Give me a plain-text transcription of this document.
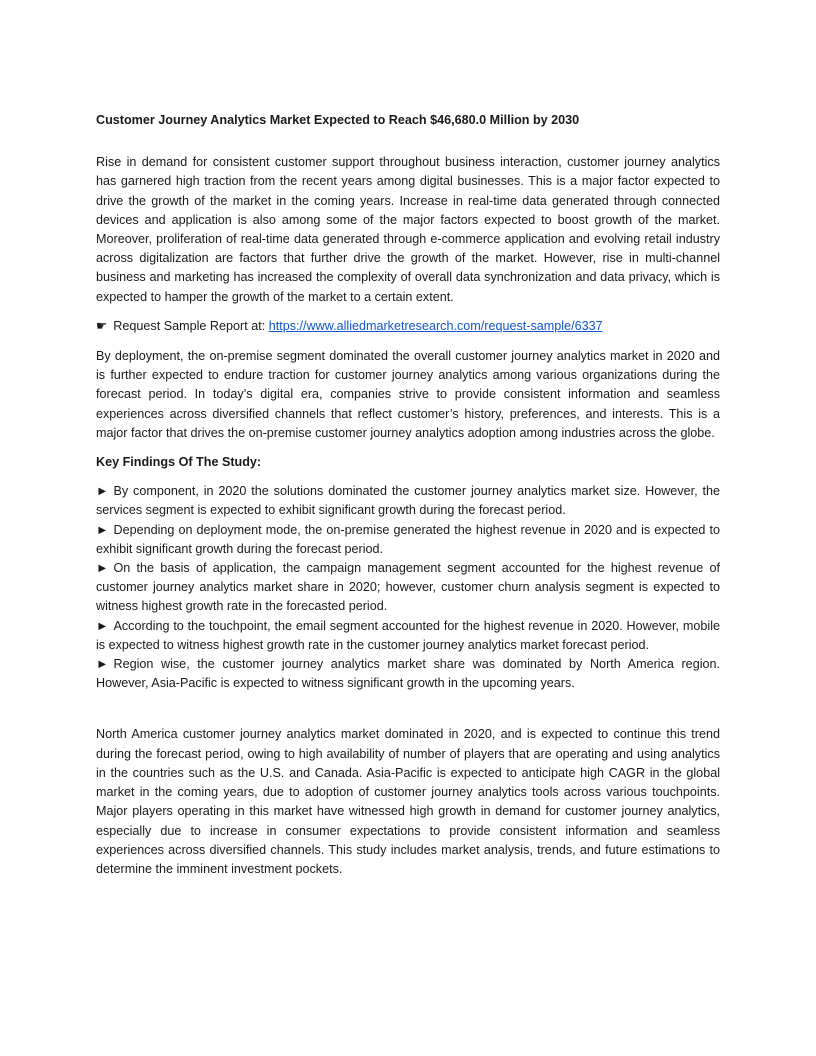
Customer Journey Analytics Market Expected to Reach $46,680.0 Million by 2030

Rise in demand for consistent customer support throughout business interaction, customer journey analytics has garnered high traction from the recent years among digital businesses. This is a major factor expected to drive the growth of the market in the coming years. Increase in real-time data generated through connected devices and application is also among some of the major factors expected to boost growth of the market. Moreover, proliferation of real-time data generated through e-commerce application and evolving retail industry across digitalization are factors that further drive the growth of the market. However, rise in multi-channel business and marketing has increased the complexity of overall data synchronization and data privacy, which is expected to hamper the growth of the market to a certain extent.

☛ Request Sample Report at: https://www.alliedmarketresearch.com/request-sample/6337

By deployment, the on-premise segment dominated the overall customer journey analytics market in 2020 and is further expected to endure traction for customer journey analytics among various organizations during the forecast period. In today’s digital era, companies strive to provide consistent information and seamless experiences across diversified channels that reflect customer’s history, preferences, and interests. This is a major factor that drives the on-premise customer journey analytics adoption among industries across the globe.

Key Findings Of The Study:

► By component, in 2020 the solutions dominated the customer journey analytics market size. However, the services segment is expected to exhibit significant growth during the forecast period.
► Depending on deployment mode, the on-premise generated the highest revenue in 2020 and is expected to exhibit significant growth during the forecast period.
► On the basis of application, the campaign management segment accounted for the highest revenue of customer journey analytics market share in 2020; however, customer churn analysis segment is expected to witness highest growth rate in the forecasted period.
► According to the touchpoint, the email segment accounted for the highest revenue in 2020. However, mobile is expected to witness highest growth rate in the customer journey analytics market forecast period.
► Region wise, the customer journey analytics market share was dominated by North America region. However, Asia-Pacific is expected to witness significant growth in the upcoming years.

North America customer journey analytics market dominated in 2020, and is expected to continue this trend during the forecast period, owing to high availability of number of players that are operating and using analytics in the countries such as the U.S. and Canada. Asia-Pacific is expected to anticipate high CAGR in the global market in the coming years, due to adoption of customer journey analytics tools across various touchpoints. Major players operating in this market have witnessed high growth in demand for customer journey analytics, especially due to increase in consumer expectations to provide consistent information and seamless experiences across diversified channels. This study includes market analysis, trends, and future estimations to determine the imminent investment pockets.
